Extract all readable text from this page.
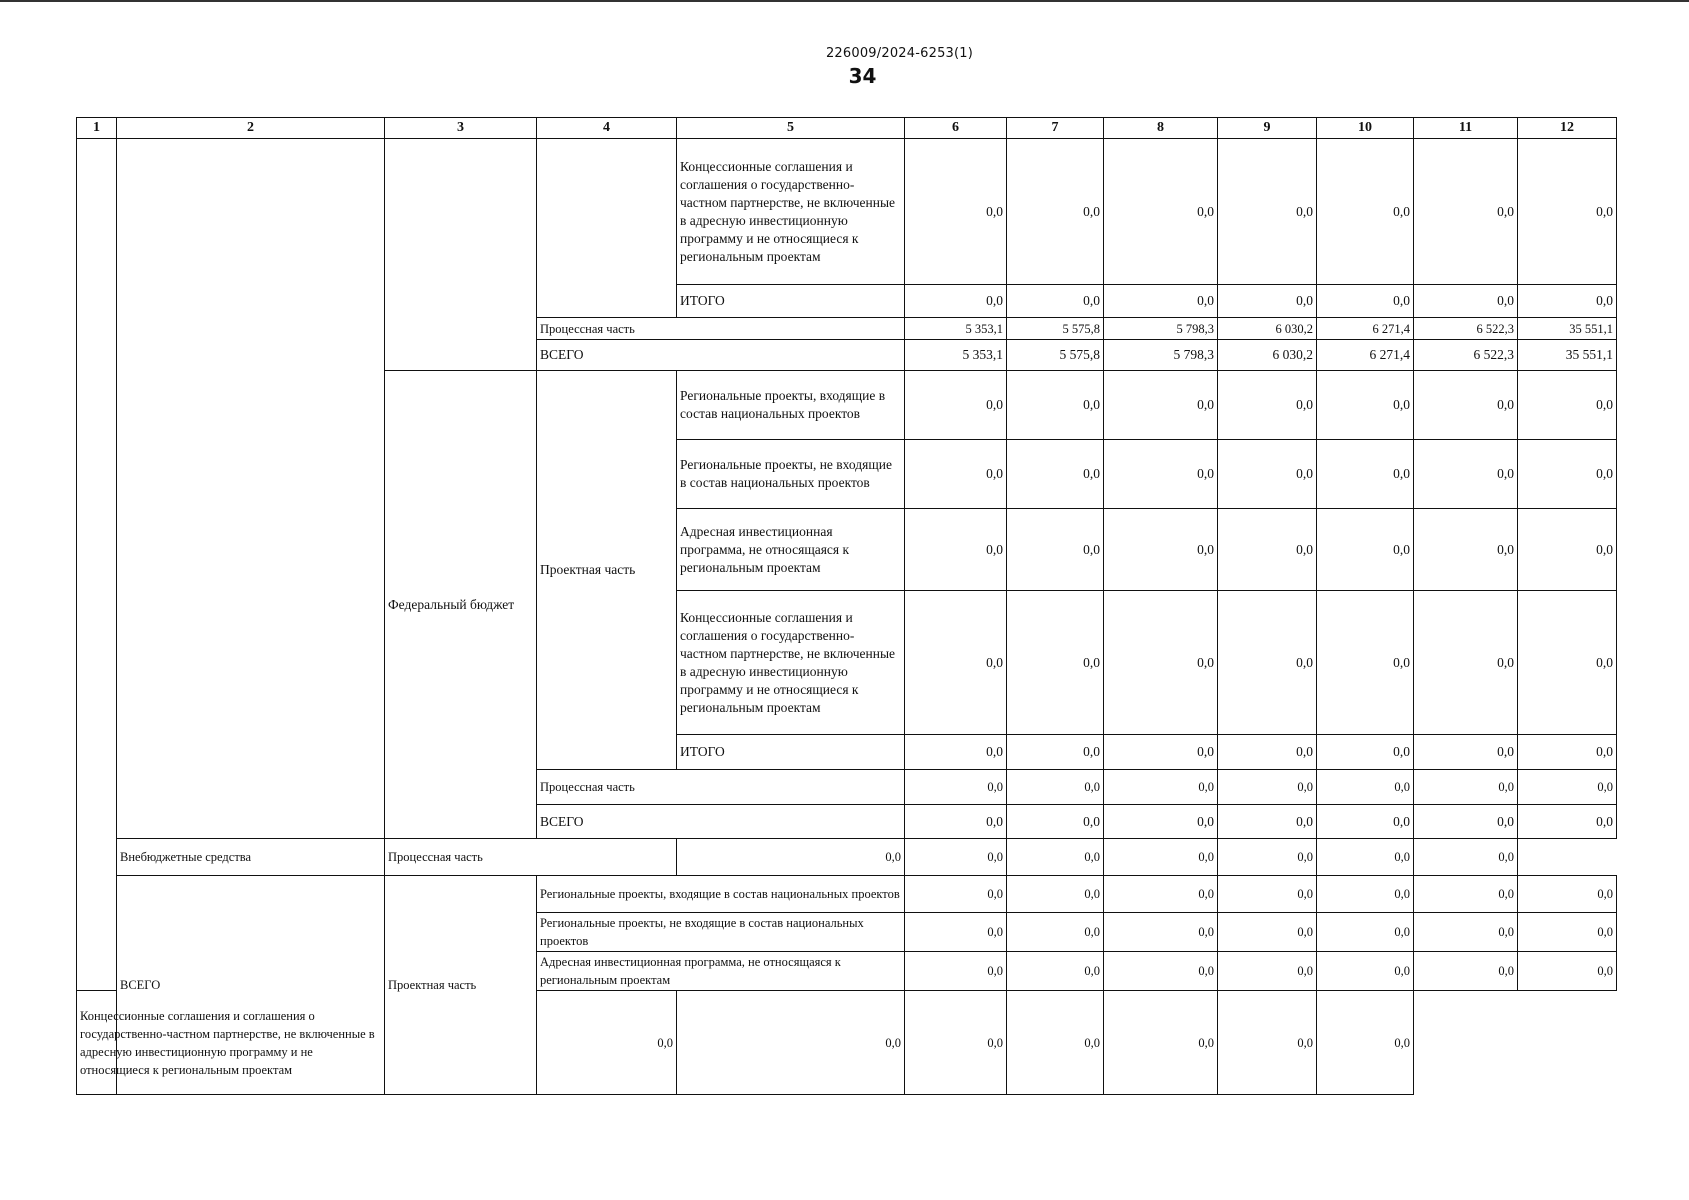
226009/2024-6253(1)
34
1	2	3	4	5	6	7	8	9	10	11	12
				Концессионные соглашения и соглашения о государственно-частном партнерстве, не включенные в адресную инвестиционную программу и не относящиеся к региональным проектам	0,0	0,0	0,0	0,0	0,0	0,0	0,0
				ИТОГО	0,0	0,0	0,0	0,0	0,0	0,0	0,0
			Процессная часть		5 353,1	5 575,8	5 798,3	6 030,2	6 271,4	6 522,3	35 551,1
			ВСЕГО		5 353,1	5 575,8	5 798,3	6 030,2	6 271,4	6 522,3	35 551,1
		Федеральный бюджет	Проектная часть	Региональные проекты, входящие в состав национальных проектов	0,0	0,0	0,0	0,0	0,0	0,0	0,0
				Региональные проекты, не входящие в состав национальных проектов	0,0	0,0	0,0	0,0	0,0	0,0	0,0
				Адресная инвестиционная программа, не относящаяся к региональным проектам	0,0	0,0	0,0	0,0	0,0	0,0	0,0
				Концессионные соглашения и соглашения о государственно-частном партнерстве, не включенные в адресную инвестиционную программу и не относящиеся к региональным проектам	0,0	0,0	0,0	0,0	0,0	0,0	0,0
				ИТОГО	0,0	0,0	0,0	0,0	0,0	0,0	0,0
			Процессная часть		0,0	0,0	0,0	0,0	0,0	0,0	0,0
			ВСЕГО		0,0	0,0	0,0	0,0	0,0	0,0	0,0
	Внебюджетные средства	Процессная часть		0,0	0,0	0,0	0,0	0,0	0,0	0,0	
	ВСЕГО	Проектная часть	Региональные проекты, входящие в состав национальных проектов		0,0	0,0	0,0	0,0	0,0	0,0	0,0
			Региональные проекты, не входящие в состав национальных проектов		0,0	0,0	0,0	0,0	0,0	0,0	0,0
			Адресная инвестиционная программа, не относящаяся к региональным проектам		0,0	0,0	0,0	0,0	0,0	0,0	0,0
Концессионные соглашения и соглашения о государственно-частном партнерстве, не включенные в адресную инвестиционную программу и не относящиеся к региональным проектам			0,0	0,0	0,0	0,0	0,0	0,0	0,0		
